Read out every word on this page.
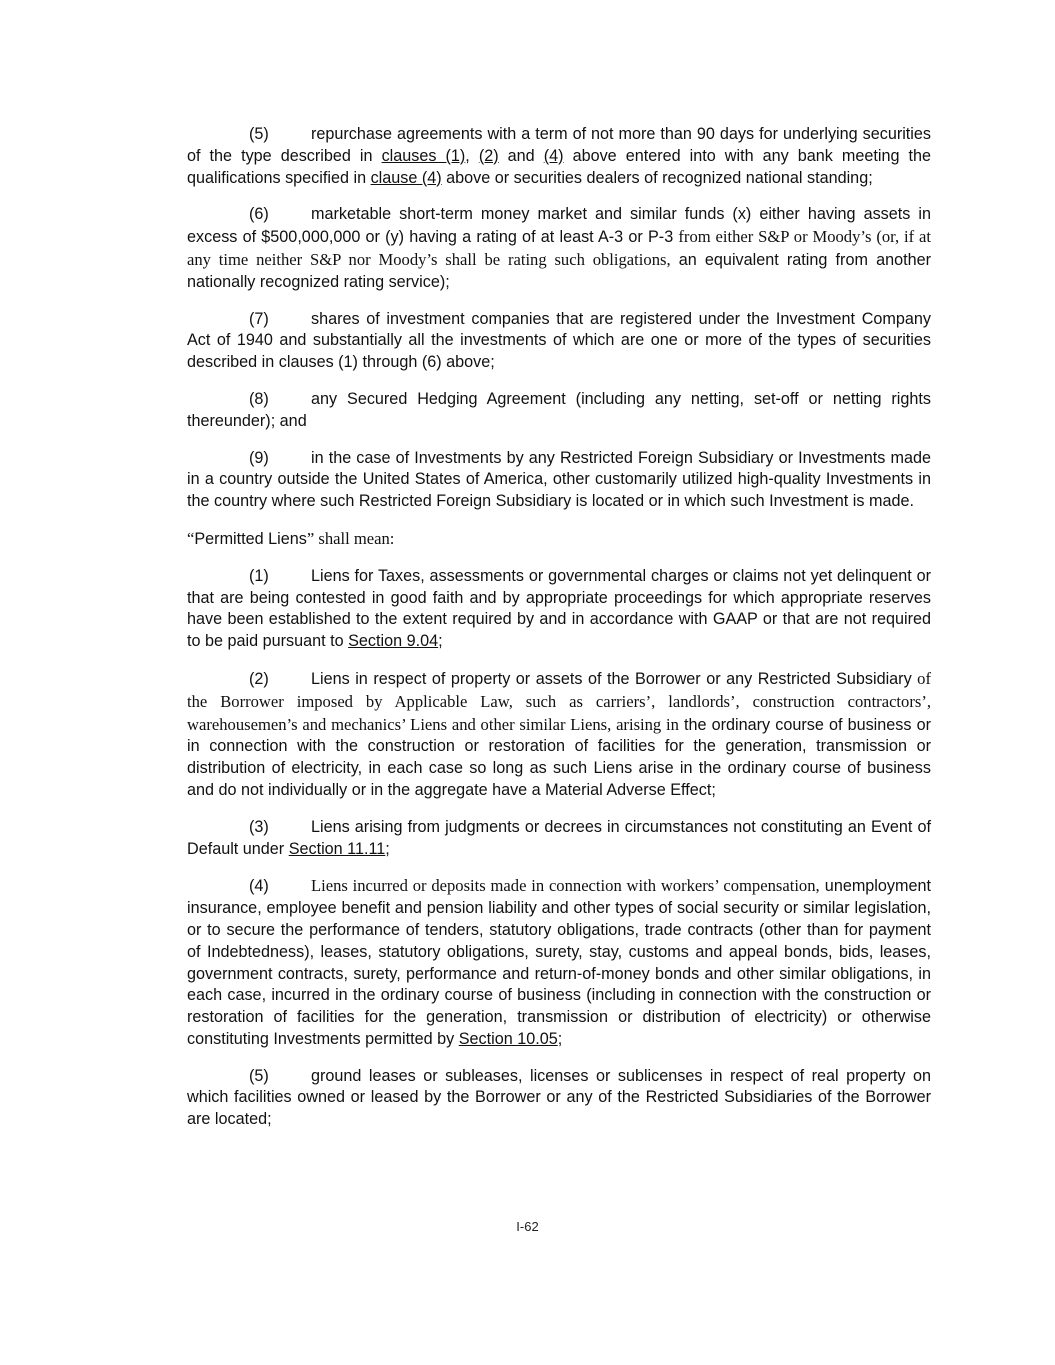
(5)	repurchase agreements with a term of not more than 90 days for underlying securities of the type described in clauses (1), (2) and (4) above entered into with any bank meeting the qualifications specified in clause (4) above or securities dealers of recognized national standing;

(6)	marketable short-term money market and similar funds (x) either having assets in excess of $500,000,000 or (y) having a rating of at least A-3 or P-3 from either S&P or Moody’s (or, if at any time neither S&P nor Moody’s shall be rating such obligations, an equivalent rating from another nationally recognized rating service);

(7)	shares of investment companies that are registered under the Investment Company Act of 1940 and substantially all the investments of which are one or more of the types of securities described in clauses (1) through (6) above;

(8)	any Secured Hedging Agreement (including any netting, set-off or netting rights thereunder); and

(9)	in the case of Investments by any Restricted Foreign Subsidiary or Investments made in a country outside the United States of America, other customarily utilized high-quality Investments in the country where such Restricted Foreign Subsidiary is located or in which such Investment is made.

“Permitted Liens” shall mean:

(1)	Liens for Taxes, assessments or governmental charges or claims not yet delinquent or that are being contested in good faith and by appropriate proceedings for which appropriate reserves have been established to the extent required by and in accordance with GAAP or that are not required to be paid pursuant to Section 9.04;

(2)	Liens in respect of property or assets of the Borrower or any Restricted Subsidiary of the Borrower imposed by Applicable Law, such as carriers’, landlords’, construction contractors’, warehousemen’s and mechanics’ Liens and other similar Liens, arising in the ordinary course of business or in connection with the construction or restoration of facilities for the generation, transmission or distribution of electricity, in each case so long as such Liens arise in the ordinary course of business and do not individually or in the aggregate have a Material Adverse Effect;

(3)	Liens arising from judgments or decrees in circumstances not constituting an Event of Default under Section 11.11;

(4)	Liens incurred or deposits made in connection with workers’ compensation, unemployment insurance, employee benefit and pension liability and other types of social security or similar legislation, or to secure the performance of tenders, statutory obligations, trade contracts (other than for payment of Indebtedness), leases, statutory obligations, surety, stay, customs and appeal bonds, bids, leases, government contracts, surety, performance and return-of-money bonds and other similar obligations, in each case, incurred in the ordinary course of business (including in connection with the construction or restoration of facilities for the generation, transmission or distribution of electricity) or otherwise constituting Investments permitted by Section 10.05;

(5)	ground leases or subleases, licenses or sublicenses in respect of real property on which facilities owned or leased by the Borrower or any of the Restricted Subsidiaries of the Borrower are located;

I-62
